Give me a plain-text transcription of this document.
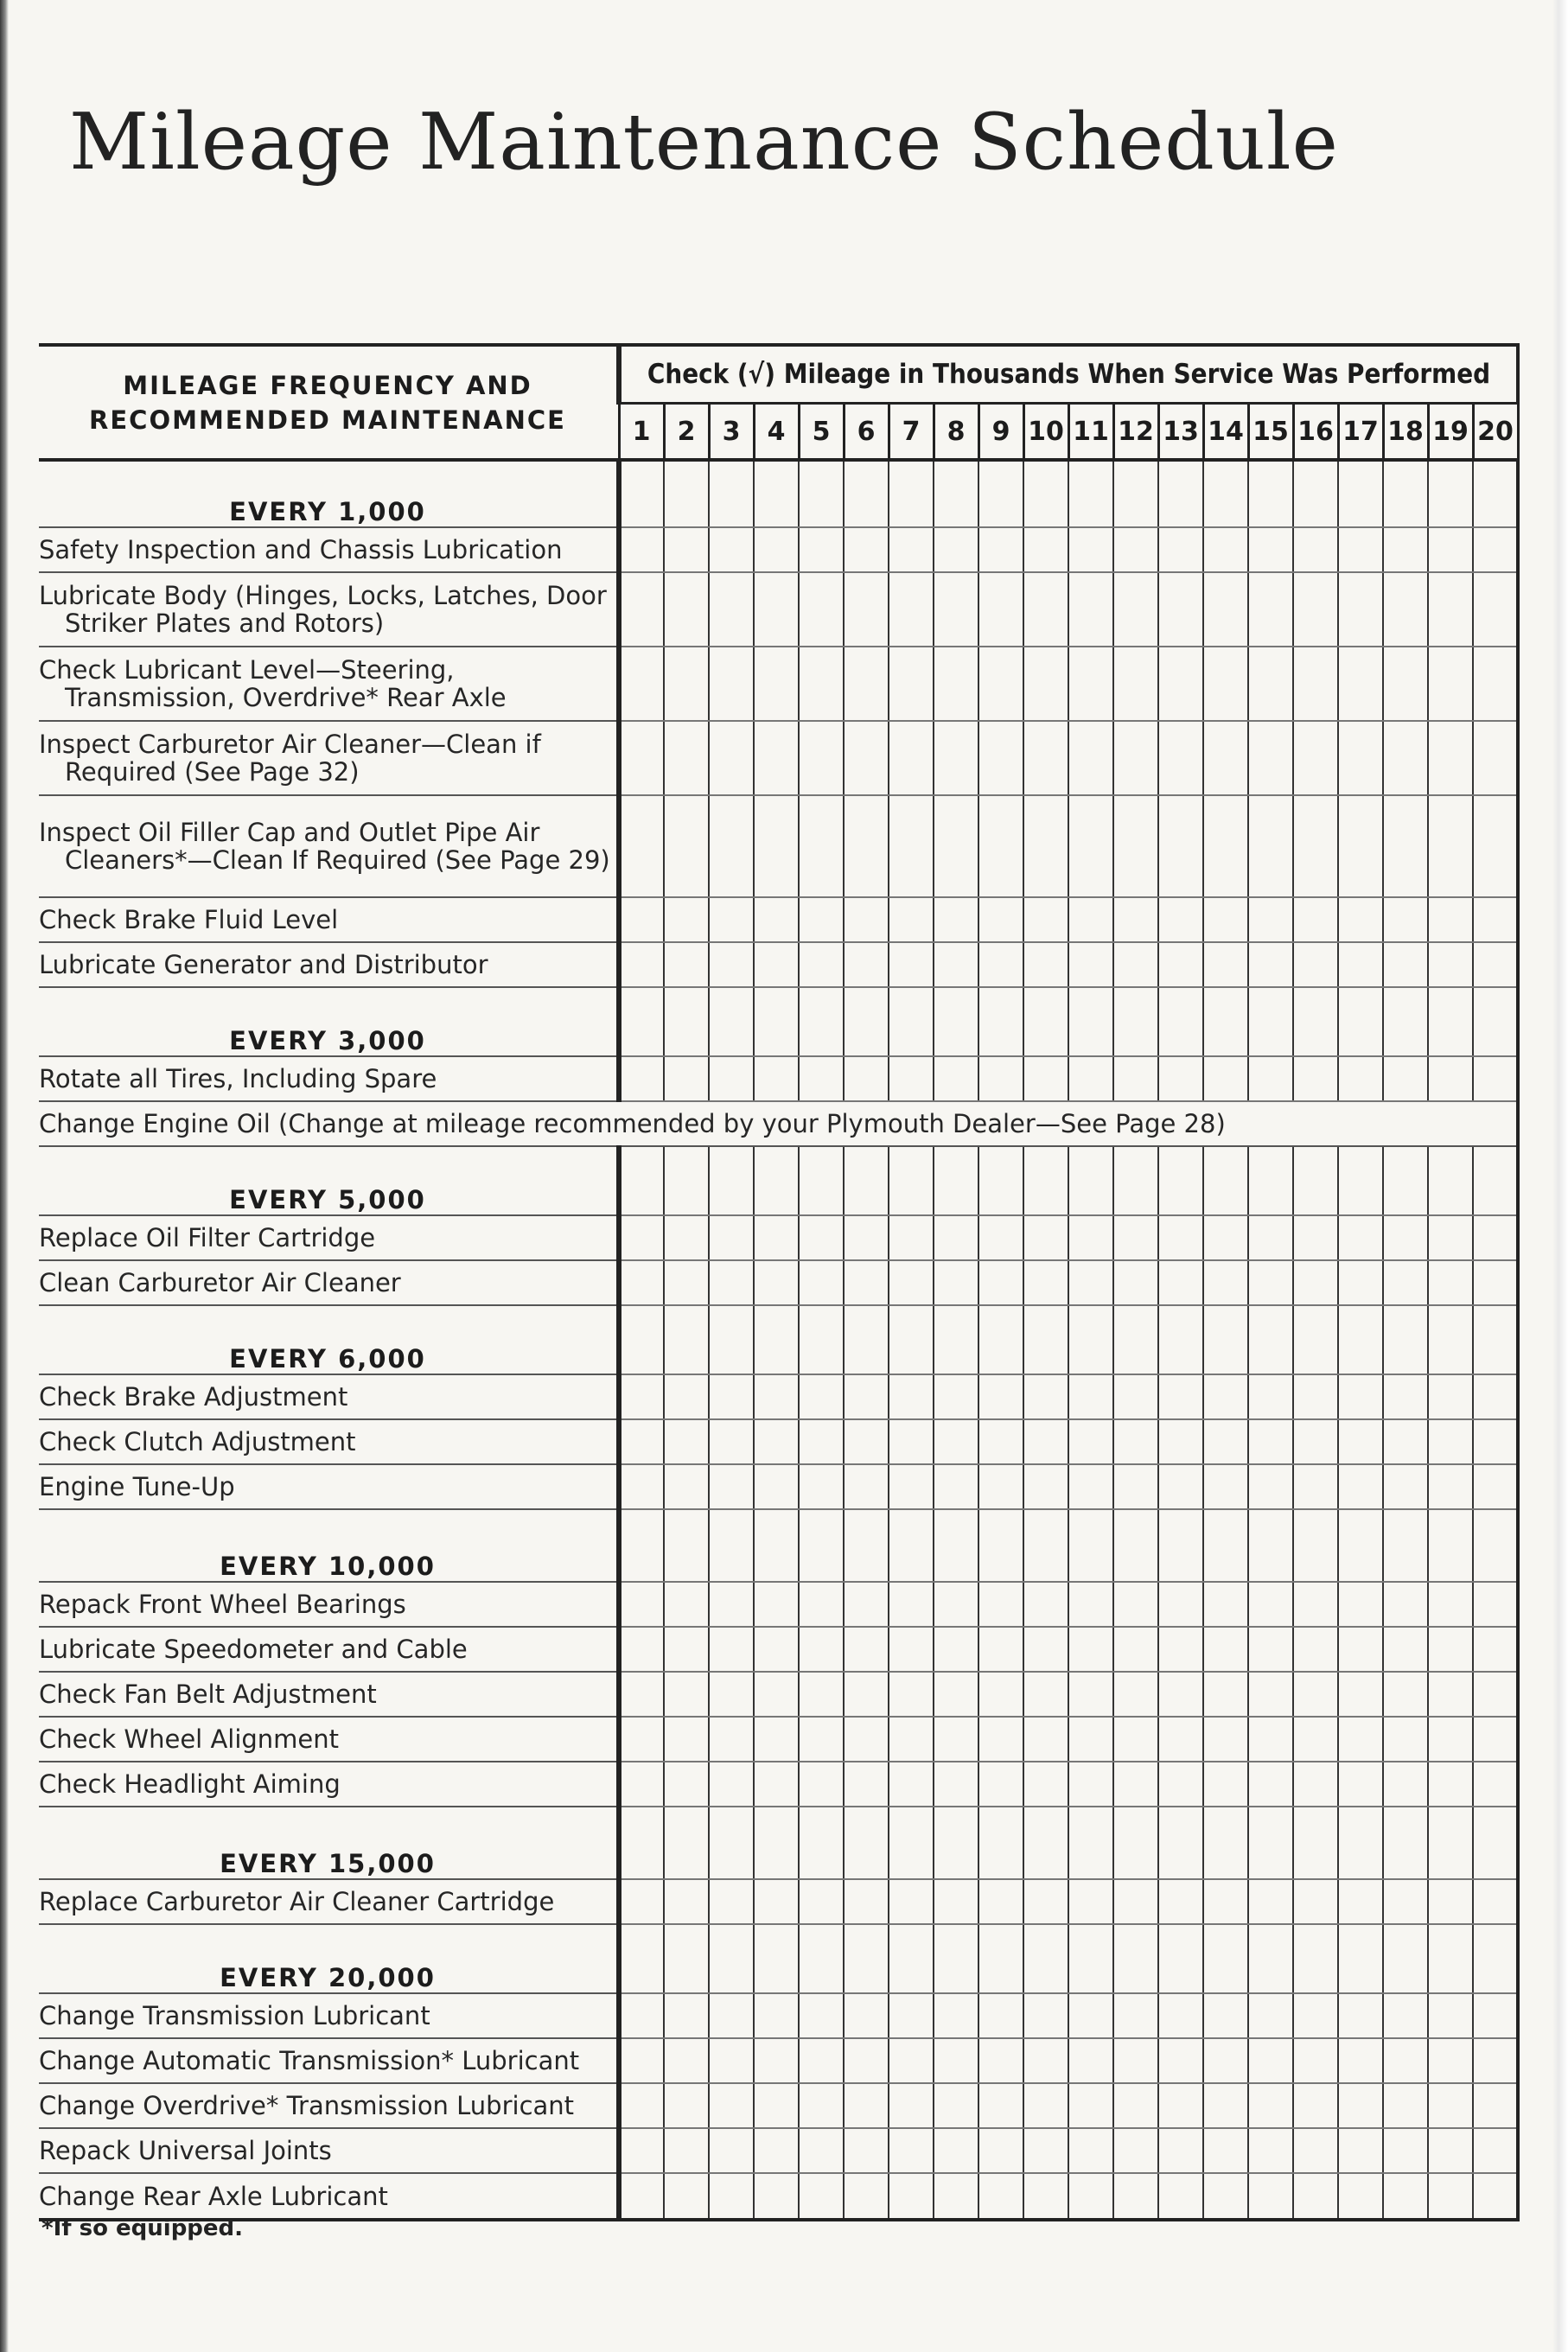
Mileage Maintenance Schedule
MILEAGE FREQUENCY AND
RECOMMENDED MAINTENANCE	Check (√) Mileage in Thousands When Service Was Performed																			
	1	2	3	4	5	6	7	8	9	10	11	12	13	14	15	16	17	18	19	20
EVERY 1,000																				

Safety Inspection and Chassis Lubrication																				

Lubricate Body (Hinges, Locks, Latches, Door Striker Plates and Rotors)																				

Check Lubricant Level—Steering, Transmission, Overdrive* Rear Axle																				

Inspect Carburetor Air Cleaner—Clean if Required (See Page 32)																				

Inspect Oil Filler Cap and Outlet Pipe Air Cleaners*—Clean If Required (See Page 29)																				

Check Brake Fluid Level																				

Lubricate Generator and Distributor																				

EVERY 3,000																				

Rotate all Tires, Including Spare																				

Change Engine Oil (Change at mileage recommended by your Plymouth Dealer—See Page 28)																				
EVERY 5,000																				

Replace Oil Filter Cartridge																				

Clean Carburetor Air Cleaner																				

EVERY 6,000																				

Check Brake Adjustment																				

Check Clutch Adjustment																				

Engine Tune-Up																				

EVERY 10,000																				

Repack Front Wheel Bearings																				

Lubricate Speedometer and Cable																				

Check Fan Belt Adjustment																				

Check Wheel Alignment																				

Check Headlight Aiming																				

EVERY 15,000																				

Replace Carburetor Air Cleaner Cartridge																				

EVERY 20,000																				

Change Transmission Lubricant																				

Change Automatic Transmission* Lubricant																				

Change Overdrive* Transmission Lubricant																				

Repack Universal Joints																				

Change Rear Axle Lubricant																				

*If so equipped.
